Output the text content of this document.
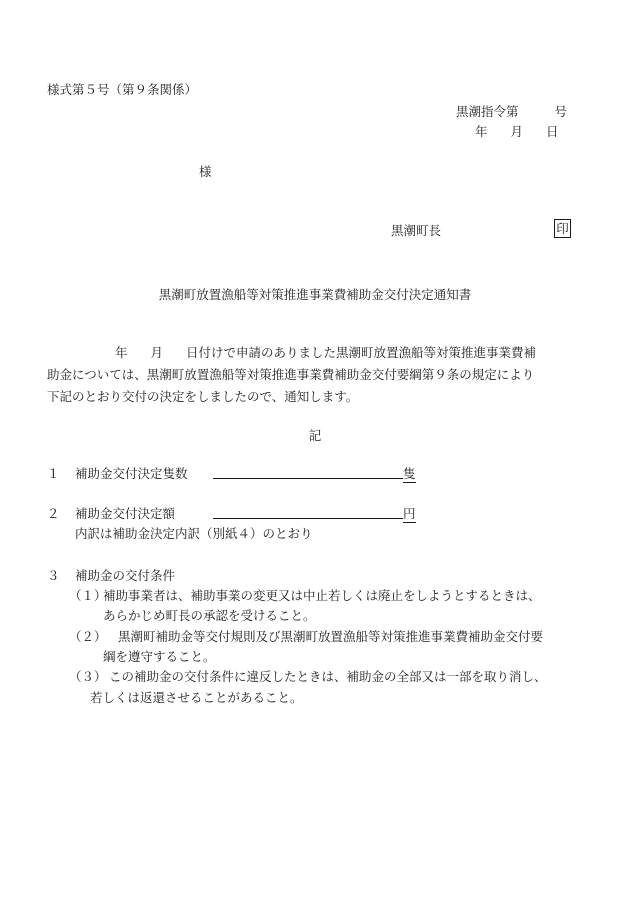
様式第５号（第９条関係）
黒潮指令第	号
年 月 日
様
黒潮町長	印
黒潮町放置漁船等対策推進事業費補助金交付決定通知書
年 月 日付けで申請のありました黒潮町放置漁船等対策推進事業費補
助金については、黒潮町放置漁船等対策推進事業費補助金交付要綱第９条の規定により
下記のとおり交付の決定をしましたので、通知します。
記
１	補助金交付決定隻数	隻
２	補助金交付決定額	円
内訳は補助金決定内訳（別紙４）のとおり
３	補助金の交付条件
（１）
補助事業者は、補助事業の変更又は中止若しくは廃止をしようとするときは、
あらかじめ町長の承認を受けること。
（２） 黒潮町補助金等交付規則及び黒潮町放置漁船等対策推進事業費補助金交付要
綱を遵守すること。
（３） この補助金の交付条件に違反したときは、補助金の全部又は一部を取り消し、
若しくは返還させることがあること。
